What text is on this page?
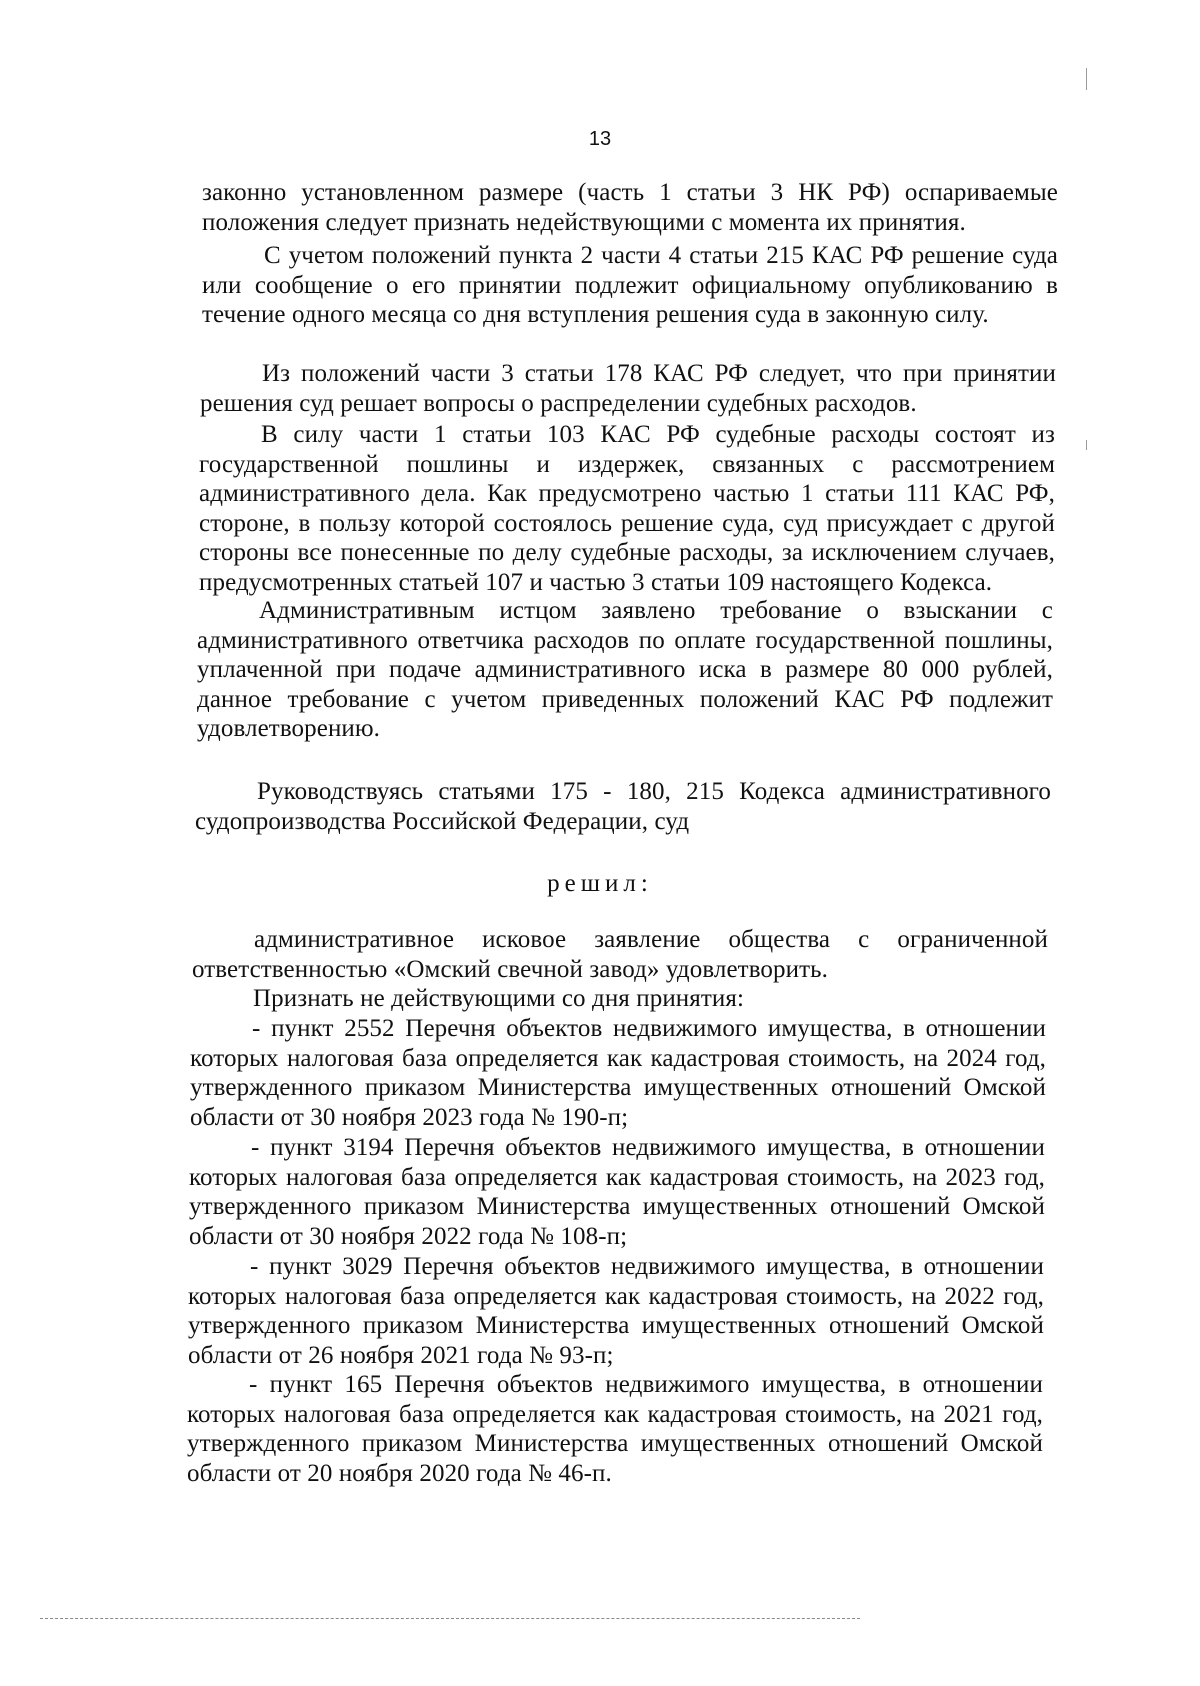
13

законно установленном размере (часть 1 статьи 3 НК РФ) оспариваемые положения следует признать недействующими с момента их принятия.

С учетом положений пункта 2 части 4 статьи 215 КАС РФ решение суда или сообщение о его принятии подлежит официальному опубликованию в течение одного месяца со дня вступления решения суда в законную силу.

Из положений части 3 статьи 178 КАС РФ следует, что при принятии решения суд решает вопросы о распределении судебных расходов.

В силу части 1 статьи 103 КАС РФ судебные расходы состоят из государственной пошлины и издержек, связанных с рассмотрением административного дела. Как предусмотрено частью 1 статьи 111 КАС РФ, стороне, в пользу которой состоялось решение суда, суд присуждает с другой стороны все понесенные по делу судебные расходы, за исключением случаев, предусмотренных статьей 107 и частью 3 статьи 109 настоящего Кодекса.

Административным истцом заявлено требование о взыскании с административного ответчика расходов по оплате государственной пошлины, уплаченной при подаче административного иска в размере 80 000 рублей, данное требование с учетом приведенных положений КАС РФ подлежит удовлетворению.

Руководствуясь статьями 175 - 180, 215 Кодекса административного судопроизводства Российской Федерации, суд

решил:

административное исковое заявление общества с ограниченной ответственностью «Омский свечной завод» удовлетворить.

Признать не действующими со дня принятия:

- пункт 2552 Перечня объектов недвижимого имущества, в отношении которых налоговая база определяется как кадастровая стоимость, на 2024 год, утвержденного приказом Министерства имущественных отношений Омской области от 30 ноября 2023 года № 190-п;

- пункт 3194 Перечня объектов недвижимого имущества, в отношении которых налоговая база определяется как кадастровая стоимость, на 2023 год, утвержденного приказом Министерства имущественных отношений Омской области от 30 ноября 2022 года № 108-п;

- пункт 3029 Перечня объектов недвижимого имущества, в отношении которых налоговая база определяется как кадастровая стоимость, на 2022 год, утвержденного приказом Министерства имущественных отношений Омской области от 26 ноября 2021 года № 93-п;

- пункт 165 Перечня объектов недвижимого имущества, в отношении которых налоговая база определяется как кадастровая стоимость, на 2021 год, утвержденного приказом Министерства имущественных отношений Омской области от 20 ноября 2020 года № 46-п.
